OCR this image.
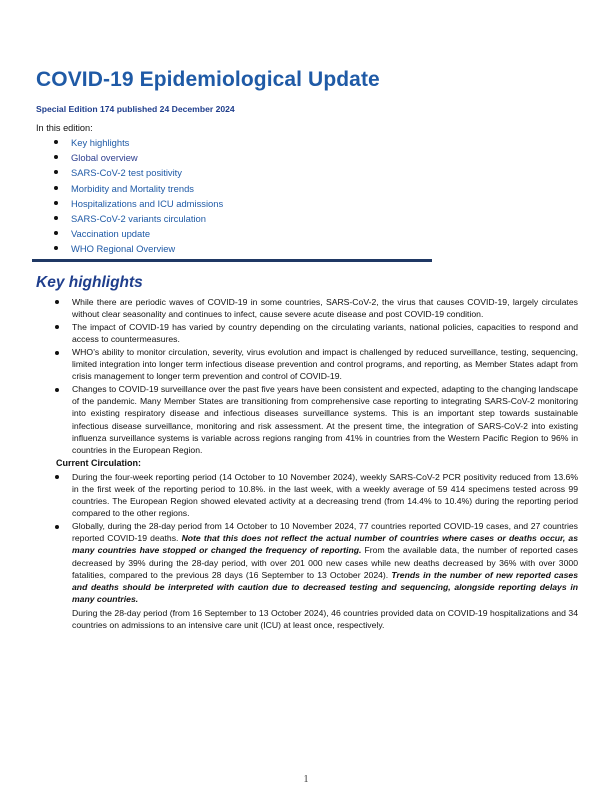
COVID-19 Epidemiological Update
Special Edition 174 published 24 December 2024
In this edition:
Key highlights
Global overview
SARS-CoV-2 test positivity
Morbidity and Mortality trends
Hospitalizations and ICU admissions
SARS-CoV-2 variants circulation
Vaccination update
WHO Regional Overview
Key highlights
While there are periodic waves of COVID-19 in some countries, SARS-CoV-2, the virus that causes COVID-19, largely circulates without clear seasonality and continues to infect, cause severe acute disease and post COVID-19 condition.
The impact of COVID-19 has varied by country depending on the circulating variants, national policies, capacities to respond and access to countermeasures.
WHO’s ability to monitor circulation, severity, virus evolution and impact is challenged by reduced surveillance, testing, sequencing, limited integration into longer term infectious disease prevention and control programs, and reporting, as Member States adapt from crisis management to longer term prevention and control of COVID-19.
Changes to COVID-19 surveillance over the past five years have been consistent and expected, adapting to the changing landscape of the pandemic. Many Member States are transitioning from comprehensive case reporting to integrating SARS-CoV-2 monitoring into existing respiratory disease and infectious diseases surveillance systems. This is an important step towards sustainable infectious disease surveillance, monitoring and risk assessment. At the present time, the integration of SARS-CoV-2 into existing influenza surveillance systems is variable across regions ranging from 41% in countries from the Western Pacific Region to 96% in countries in the European Region.
Current Circulation:
During the four-week reporting period (14 October to 10 November 2024), weekly SARS-CoV-2 PCR positivity reduced from 13.6% in the first week of the reporting period to 10.8%. in the last week, with a weekly average of 59 414 specimens tested across 99 countries. The European Region showed elevated activity at a decreasing trend (from 14.4% to 10.4%) during the reporting period compared to the other regions.
Globally, during the 28-day period from 14 October to 10 November 2024, 77 countries reported COVID-19 cases, and 27 countries reported COVID-19 deaths. Note that this does not reflect the actual number of countries where cases or deaths occur, as many countries have stopped or changed the frequency of reporting. From the available data, the number of reported cases decreased by 39% during the 28-day period, with over 201 000 new cases while new deaths decreased by 36% with over 3000 fatalities, compared to the previous 28 days (16 September to 13 October 2024). Trends in the number of new reported cases and deaths should be interpreted with caution due to decreased testing and sequencing, alongside reporting delays in many countries.
During the 28-day period (from 16 September to 13 October 2024), 46 countries provided data on COVID-19 hospitalizations and 34 countries on admissions to an intensive care unit (ICU) at least once, respectively.
1
